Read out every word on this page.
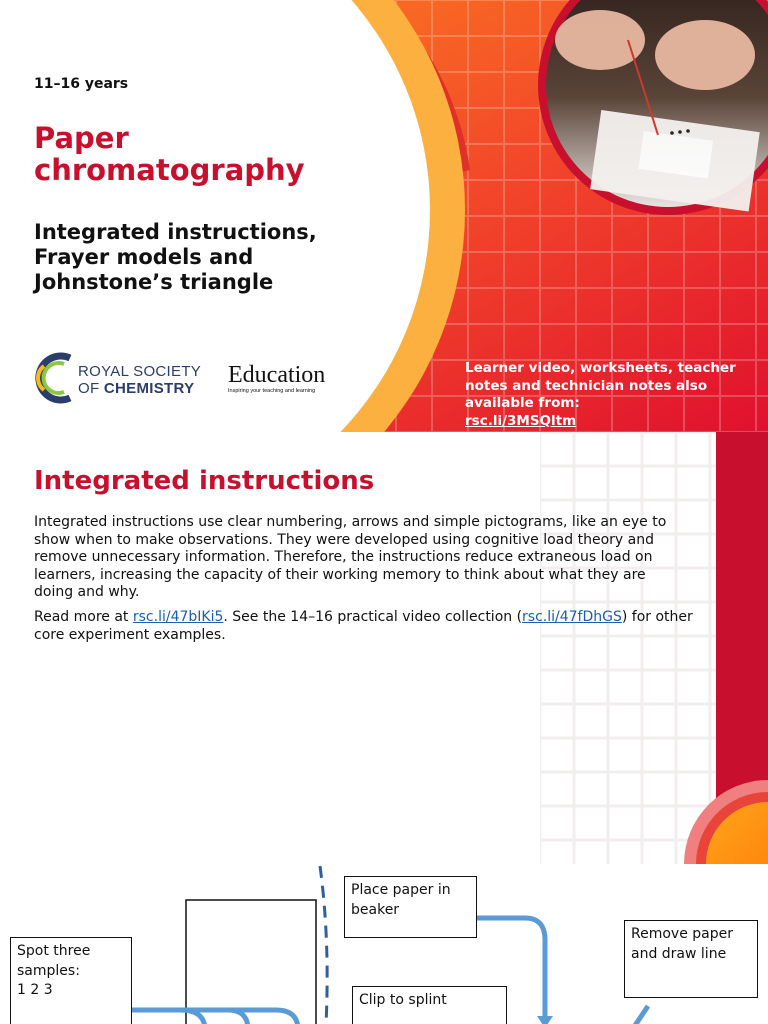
11–16 years
Paper
chromatography
Integrated instructions,
Frayer models and
Johnstone’s triangle
ROYAL SOCIETY
OF CHEMISTRY
Education
Inspiring your teaching and learning
Learner video, worksheets, teacher
notes and technician notes also
available from:
rsc.li/3MSQltm
Integrated instructions

Integrated instructions use clear numbering, arrows and simple pictograms, like an eye to show when to make observations. They were developed using cognitive load theory and remove unnecessary information. Therefore, the instructions reduce extraneous load on learners, increasing the capacity of their working memory to think about what they are doing and why.

Read more at rsc.li/47bIKi5. See the 14–16 practical video collection (rsc.li/47fDhGS) for other core experiment examples.

Spot three samples:
1 2 3
Place paper in beaker
Clip to splint
Remove paper and draw line
